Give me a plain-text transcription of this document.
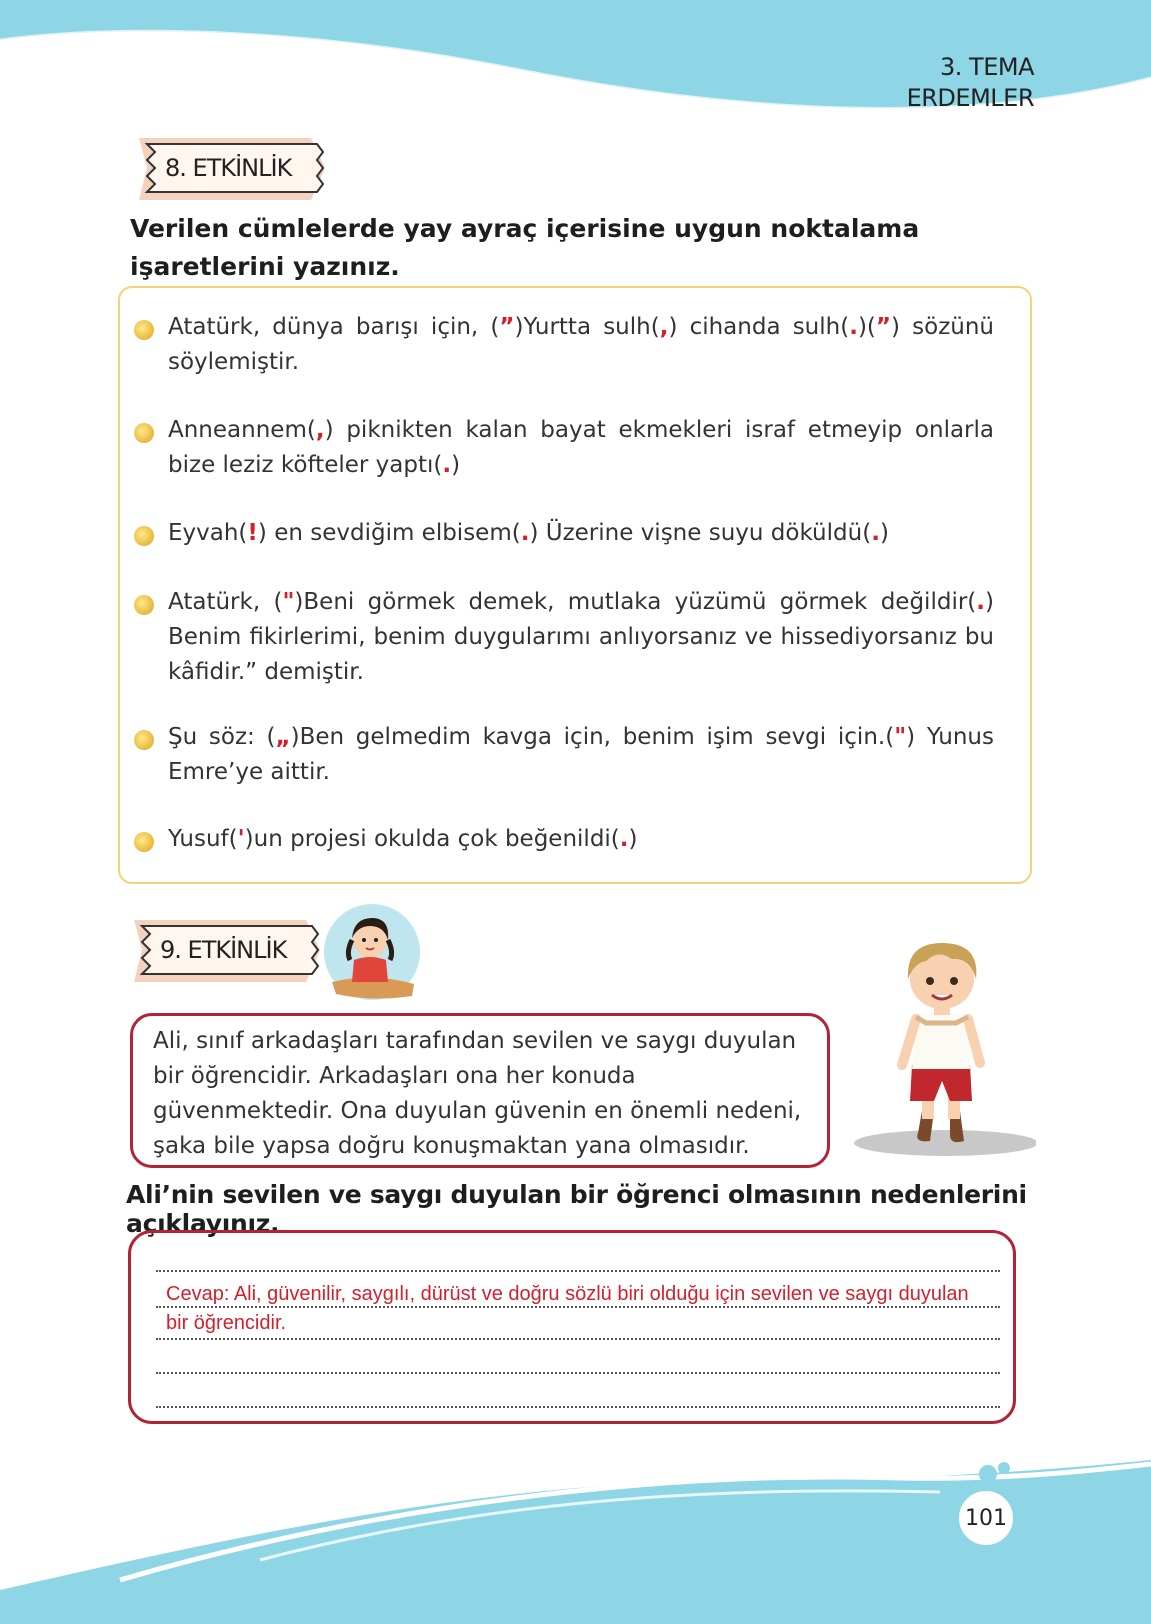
3. TEMA
ERDEMLER
8. ETKİNLİK
Verilen cümlelerde yay ayraç içerisine uygun noktalama işaretlerini yazınız.
Atatürk, dünya barışı için, (”)Yurtta sulh(,) cihanda sulh(.)(”) sözünü söylemiştir.
Anneannem(,) piknikten kalan bayat ekmekleri israf etmeyip onlarla bize leziz köfteler yaptı(.)
Eyvah(!) en sevdiğim elbisem(.) Üzerine vişne suyu döküldü(.)
Atatürk, (")Beni görmek demek, mutlaka yüzümü görmek değildir(.) Benim fikirlerimi, benim duygularımı anlıyorsanız ve hissediyorsanız bu kâfidir.” demiştir.
Şu söz: („)Ben gelmedim kavga için, benim işim sevgi için.(") Yunus Emre’ye aittir.
Yusuf(')un projesi okulda çok beğenildi(.)
9. ETKİNLİK
Ali, sınıf arkadaşları tarafından sevilen ve saygı duyulan bir öğrencidir. Arkadaşları ona her konuda güvenmektedir. Ona duyulan güvenin en önemli nedeni, şaka bile yapsa doğru konuşmaktan yana olmasıdır.
Ali’nin sevilen ve saygı duyulan bir öğrenci olmasının nedenlerini açıklayınız.
Cevap: Ali, güvenilir, saygılı, dürüst ve doğru sözlü biri olduğu için sevilen ve saygı duyulan
bir öğrencidir.
101
